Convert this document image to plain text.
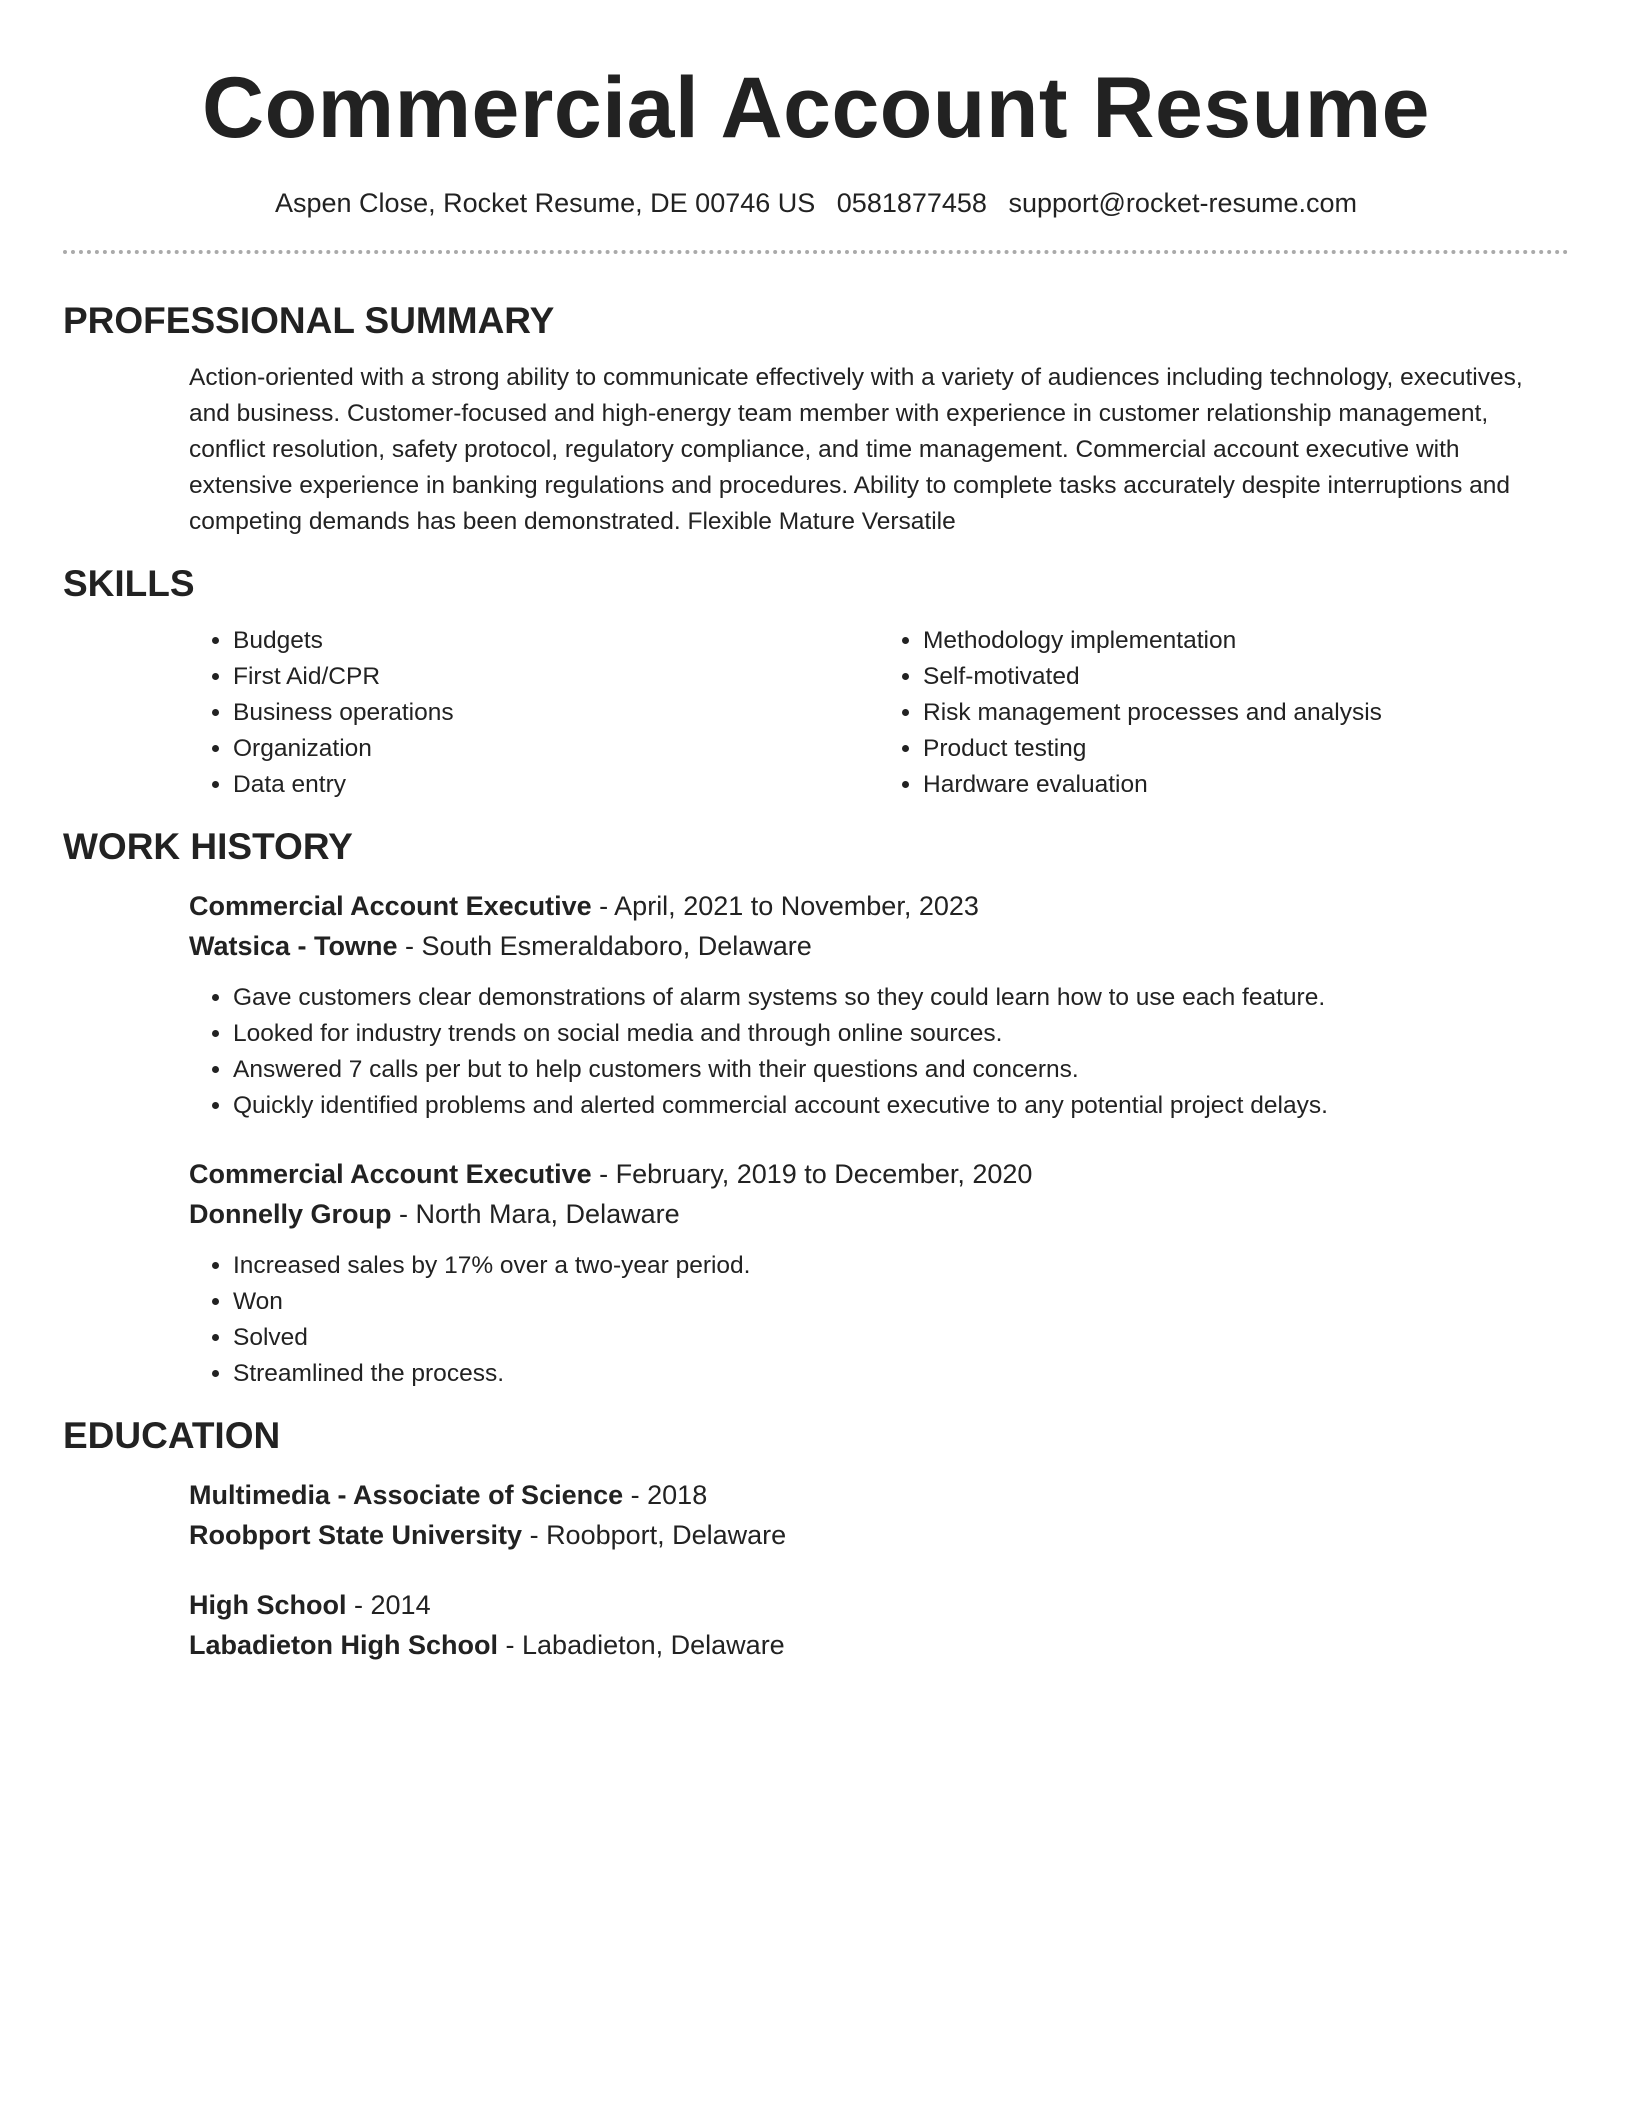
Commercial Account Resume
Aspen Close, Rocket Resume, DE 00746 US 0581877458 support@rocket-resume.com
PROFESSIONAL SUMMARY

Action-oriented with a strong ability to communicate effectively with a variety of audiences including technology, executives, and business. Customer-focused and high-energy team member with experience in customer relationship management, conflict resolution, safety protocol, regulatory compliance, and time management. Commercial account executive with extensive experience in banking regulations and procedures. Ability to complete tasks accurately despite interruptions and competing demands has been demonstrated. Flexible Mature Versatile

SKILLS
• Budgets
• First Aid/CPR
• Business operations
• Organization
• Data entry
• Methodology implementation
• Self-motivated
• Risk management processes and analysis
• Product testing
• Hardware evaluation
WORK HISTORY
Commercial Account Executive - April, 2021 to November, 2023
Watsica - Towne - South Esmeraldaboro, Delaware
• Gave customers clear demonstrations of alarm systems so they could learn how to use each feature.
• Looked for industry trends on social media and through online sources.
• Answered 7 calls per but to help customers with their questions and concerns.
• Quickly identified problems and alerted commercial account executive to any potential project delays.
Commercial Account Executive - February, 2019 to December, 2020
Donnelly Group - North Mara, Delaware
• Increased sales by 17% over a two-year period.
• Won
• Solved
• Streamlined the process.
EDUCATION
Multimedia - Associate of Science - 2018
Roobport State University - Roobport, Delaware
High School - 2014
Labadieton High School - Labadieton, Delaware
